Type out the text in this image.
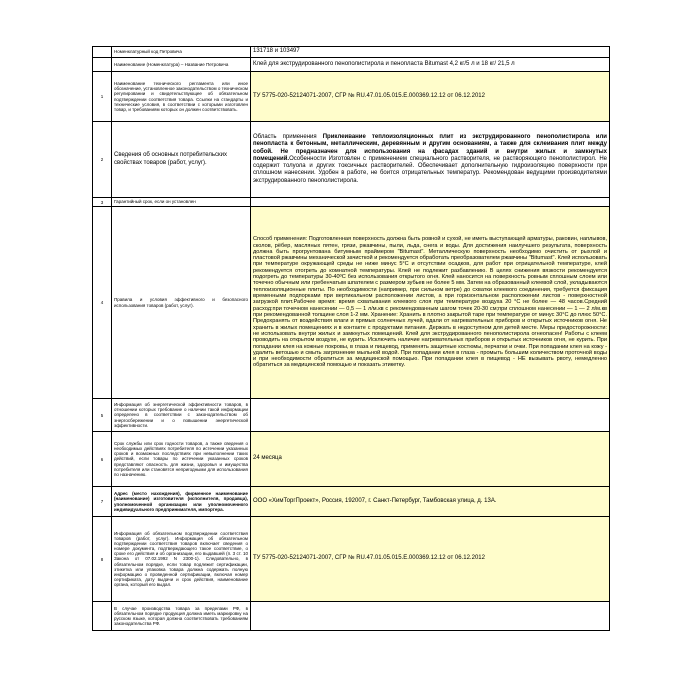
	Номенклатурный код Петровича	131718 и 103497
	Наименование (Номенклатура) – Название Петровича	Клей для экструдированного пенополистирола и пенопласта Bitumast 4,2 кг/5 л и 18 кг/ 21,5 л
1	Наименование технического регламента или иное обозначение, установленное законодательством о техническом регулировании и свидетельствующее об обязательном подтверждении соответствия товара. Ссылки на стандарты и технические условия, в соответствии с которыми изготовлен товар, и требованиям которых он должен соответствовать.	ТУ 5775-020-52124071-2007, СГР № RU.47.01.05.015.Е.000369.12.12 от 06.12.2012
2	Сведения об основных потребительских свойствах товаров (работ, услуг).	Область применения Приклеивание теплоизоляционных плит из экструдированного пенополистирола или пенопласта к бетонным, металлическим, деревянным и другим основаниям, а также для склеивания плит между собой. Не предназначен для использования на фасадах зданий и внутри жилых и замкнутых помещений.Особенности Изготовлен с применением специального растворителя, не растворяющего пенополистирол. Не содержит толуола и других токсичных растворителей. Обеспечивает дополнительную гидроизоляцию поверхности при сплошном нанесении. Удобен в работе, не боится отрицательных температур. Рекомендован ведущими производителями экструдированного пенополистирола.
3	Гарантийный срок, если он установлен	
4	Правила и условия эффективного и безопасного использования товаров (работ, услуг).	Способ применения: Подготовленная поверхность должна быть ровной и сухой, не иметь выступающей арматуры, раковин, наплывов, сколов, рёбер, масляных пятен, грязи, ржавчины, пыли, льда, снега и воды. Для достижения наилучшего результата, поверхность должна быть прогрунтована битумным праймером "Bitumast". Металлическую поверхность необходимо очистить от рыхлой и пластовой ржавчины механической зачисткой и рекомендуется обработать преобразователем ржавчины "Bitumast". Клей использовать при температуре окружающей среды не ниже минус 5°С и отсутствии осадков, для работ при отрицательной температуре, клей рекомендуется отогреть до комнатной температуры. Клей не подлежит разбавлению. В целях снижения вязкости рекомендуется подогреть до температуры 30-40ºС без использования открытого огня. Клей наносится на поверхность ровным сплошным слоем или точечно обычным или гребенчатым шпателем с размером зубьев не более 5 мм. Затем на образованный клеевой слой, укладываются теплоизоляционные плиты. По необходимости (например, при сильном ветре) до схватки клеевого соединения, требуется фиксация временными подпорками при вертикальном расположении листов, а при горизонтальном расположении листов - поверхностной загрузкой плит.Рабочее время: время схватывания клеевого слоя при температуре воздуха 20 °С не более — 48 часов.Средний расход:при точечном нанесении — 0,5 — 1 л/м.кв с рекомендованным шагом точек 20-30 см;при сплошном нанесении — 1 — 2 л/м.кв при рекомендованной толщине слоя 1-2 мм. Хранение: Хранить в плотно закрытой таре при температуре от минус 30°С до плюс 50°С. Предохранять от воздействия влаги и прямых солнечных лучей, вдали от нагревательных приборов и открытых источников огня. Не хранить в жилых помещениях и в контакте с продуктами питания. Держать в недоступном для детей месте. Меры предосторожности: не использовать внутри жилых и замкнутых помещений. Клей для экструдированного пенополистирола огнеопасен! Работы с клеем проводить на открытом воздухе, не курить. Исключить наличие нагревательных приборов и открытых источников огня, не курить. При попадании клея на кожные покровы, в глаза и пищевод, применять защитные костюмы, перчатки и очки. При попадании клея на кожу - удалить ветошью и смыть загрязнение мыльной водой. При попадании клея в глаза - промыть большим количеством проточной воды и при необходимости обратиться за медицинской помощью. При попадании клея в пищевод - НЕ вызывать рвоту, немедленно обратиться за медицинской помощью и показать этикетку.
5	Информация об энергетической эффективности товаров, в отношении которых требование о наличии такой информации определено в соответствии с законодательством об энергосбережении и о повышении энергетической эффективности.	
6	Срок службы или срок годности товаров, а также сведения о необходимых действиях потребителя по истечении указанных сроков и возможных последствиях при невыполнении таких действий, если товары по истечении указанных сроков представляют опасность для жизни, здоровья и имущества потребителя или становятся непригодными для использования по назначению.	24 месяца
7	Адрес (место нахождения), фирменное наименование (наименование) изготовителя (исполнителя, продавца), уполномоченной организации или уполномоченного индивидуального предпринимателя, импортера.	ООО «ХимТоргПроект», Россия, 192007, г. Санкт-Петербург, Тамбовская улица, д. 13А.
8	Информация об обязательном подтверждении соответствия товаров (работ, услуг). Информация об обязательном подтверждении соответствия товаров включает сведения о номере документа, подтверждающего такое соответствие, о сроке его действия и об организации, его выдавшей (п. 3 ст. 10 Закона от 07.02.1992 N 2300-1). Следовательно, в обязательном порядке, если товар подлежит сертификации, этикетка или упаковка товара должна содержать полную информацию о проведенной сертификации, включая номер сертификата, дату выдачи и срок действия, наименование органа, который его выдал.	ТУ 5775-020-52124071-2007, СГР № RU.47.01.05.015.Е.000369.12.12 от 06.12.2012
	В случае производства товара за пределами РФ, в обязательном порядке продукция должна иметь маркировку на русском языке, которая должна соответствовать требованиям законодательства РФ.	
